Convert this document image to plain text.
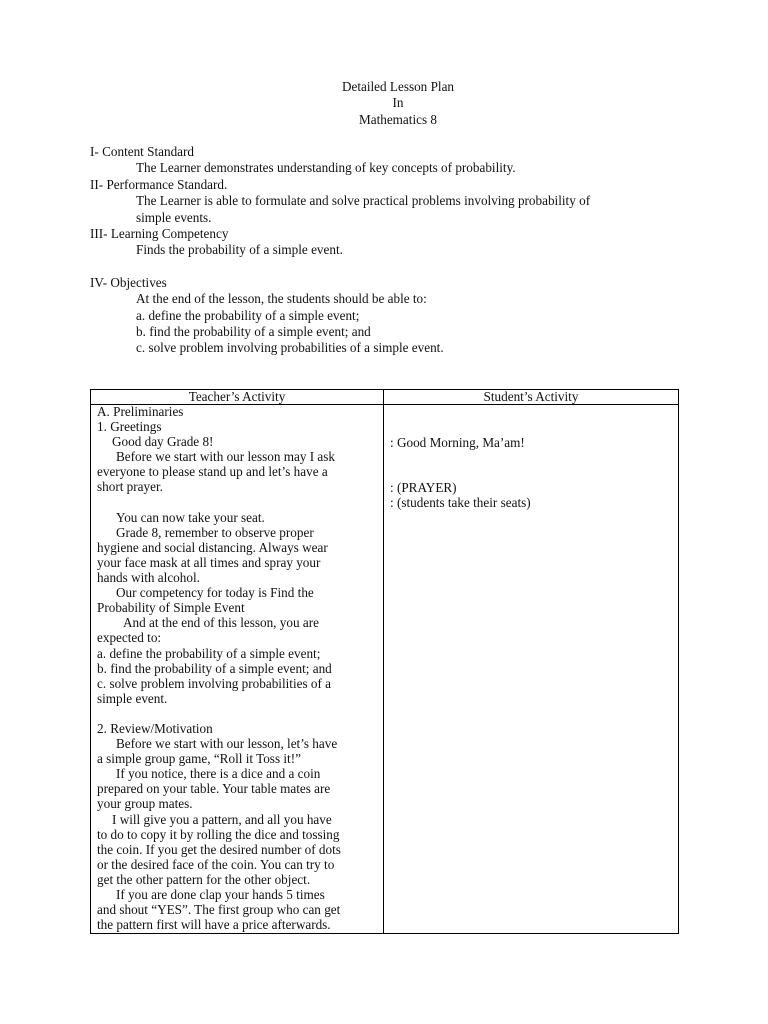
Detailed Lesson Plan
In
Mathematics 8
I- Content Standard
The Learner demonstrates understanding of key concepts of probability.
II- Performance Standard.
The Learner is able to formulate and solve practical problems involving probability of
simple events.
III- Learning Competency
Finds the probability of a simple event.
IV- Objectives
At the end of the lesson, the students should be able to:
a. define the probability of a simple event;
b. find the probability of a simple event; and
c. solve problem involving probabilities of a simple event.
Teacher’s Activity	Student’s Activity
A. Preliminaries
1. Greetings
Good day Grade 8!
Before we start with our lesson may I ask
everyone to please stand up and let’s have a
short prayer.
You can now take your seat.
Grade 8, remember to observe proper
hygiene and social distancing. Always wear
your face mask at all times and spray your
hands with alcohol.
Our competency for today is Find the
Probability of Simple Event
And at the end of this lesson, you are
expected to:
a. define the probability of a simple event;
b. find the probability of a simple event; and
c. solve problem involving probabilities of a
simple event.
2. Review/Motivation
Before we start with our lesson, let’s have
a simple group game, “Roll it Toss it!”
If you notice, there is a dice and a coin
prepared on your table. Your table mates are
your group mates.
I will give you a pattern, and all you have
to do to copy it by rolling the dice and tossing
the coin. If you get the desired number of dots
or the desired face of the coin. You can try to
get the other pattern for the other object.
If you are done clap your hands 5 times
and shout “YES”. The first group who can get
the pattern first will have a price afterwards.
: Good Morning, Ma’am!
: (PRAYER)
: (students take their seats)
